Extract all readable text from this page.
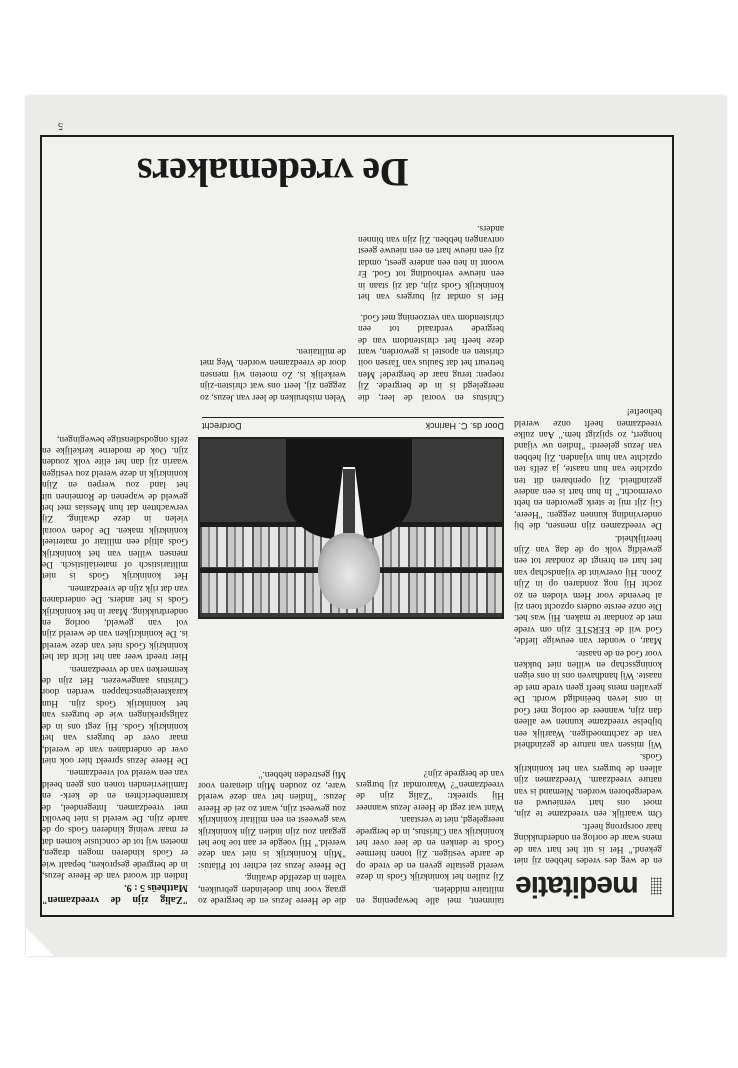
5
meditatie

en de weg des vredes hebben zij niet gekend." Het is uit het hart van de mens waar de oorlog en onderdrukking haar oorsprong heeft.

Om waarlijk een vreedzame te zijn, moet ons hart vernieuwd en wedergeboren worden. Niemand is van nature vreedzaam. Vreedzamen zijn alleen de burgers van het koninkrijk Gods.

Wij missen van nature de gezindheid van de zachtmoedigen. Waarlijk een bijbelse vreedzame kunnen we alleen dan zijn, wanneer de oorlog met God in ons leven beëindigd wordt. De gevallen mens heeft geen vrede met de naaste. Wij handhaven ons in ons eigen koningsschap en willen niet bukken voor God en de naaste.

Maar, o wonder van eeuwige liefde, God wil de EERSTE zijn om vrede met de zondaar te maken. Hij was het. Die onze eerste ouders opzocht toen zij al bevende voor Hem vloden en zo zocht Hij nog zondaren op in Zijn Zoon. Hij overwint de vijandschap van het hart en brengt de zondaar tot een geweldig volk op de dag van Zijn heerlijkheid.

De vreedzamen zijn mensen, die bij ondervinding kunnen zeggen: "Heere, Gij zijt mij te sterk geworden en hebt overmocht." In hun hart is een andere gezindheid. Zij openbaren dit ten opzichte van hun naaste, ja zelfs ten opzichte van hun vijanden. Zij hebben van Jezus geleerd: "Indien uw vijand hongert, zo spijzigt hem." Aan zulke vreedzamen heeft onze wereld behoefte!

tainment, mei alle bewapening en militaire middelen.

Zij zullen het koninkrijk Gods in deze wereld gestalte geven en de vrede op de aarde vestigen. Zij tonen hiermee Gods te denken en de leer over het koninkrijk van Christus, in de bergrede neergelegd, niet te verstaan.

Want wat zegt de Heere Jezus wanneer Hij spreekt: "Zalig zijn de vreedzamen"? Waaromdat zij burgers van de bergrede zijn?

die de Heere Jezus en de bergrede zo graag voor hun doeleinden gebruiken, vallen in dezelfde dwaling.

De Heere Jezus zei echter tot Pilatus: "Mijn Koninkrijk is niet van deze wereld." Hij voegde er aan toe hoe het gegaan zou zijn indien Zijn koninkrijk was geweest en een militair koninkrijk zou geweest zijn, want zo zei de Heere Jezus: "Indien het van deze wereld ware, zo zouden Mijn dienaren voor Mij gestreden hebben."

Door ds. C. Harinck
Dordrecht

Christus en vooral de leer, die neergelegd is in de bergrede. Zij roepen: terug naar de bergrede! Men betreurt het dat Saulus van Tarsen ooit christen en apostel is geworden, want deze heeft het christendom van de bergrede verdraaid tot een christendom van verzoening met God.

Het is omdat zij burgers van het koninkrijk Gods zijn, dat zij staan in een nieuwe verhouding tot God. Er woont in hen een andere geest, omdat zij een nieuw hart en een nieuwe geest ontvangen hebben. Zij zijn van binnen anders.

Velen misbruiken de leer van Jezus, zo zeggen zij, leert ons wat christen-zijn werkelijk is. Zo moeten wij mensen door de vreedzamen worden. Weg met de militairen.

"Zalig zijn de vreedzamen" Mattheüs 5 : 9.

Indien dit woord van de Heere Jezus, in de bergrede gesproken, bepaalt wie er Gods kinderen mogen dragen, moeten wij tot de conclusie komen dat er maar weinig kinderen Gods op de aarde zijn. De wereld is niet bevolkt met vreedzamen. Integendeel, de krantenberichten en de kerk- en familievrienden tonen ons geen beeld van een wereld vol vreedzamen.

De Heere Jezus spreekt hier ook niet over de onderdanen van de wereld, maar over de burgers van het koninkrijk Gods. Hij zegt ons in de zaligsprekingen wie de burgers van het koninkrijk Gods zijn. Hun karaktereigenschappen werden door Christus aangewezen. Het zijn de kenmerken van de vreedzamen.

Hier treedt weer aan het licht dat het koninkrijk Gods niet van deze wereld is. De koninkrijken van de wereld zijn vol van geweld, oorlog en onderdrukking. Maar in het koninkrijk Gods is het anders. De onderdanen van dat rijk zijn de vreedzamen.

Het koninkrijk Gods is niet militaristisch of materialistisch. De mensen willen van het koninkrijk Gods altijd een militair of materieel koninkrijk maken. De Joden vooral vielen in deze dwaling. Zij verwachtten dat hun Messias met het geweld de wapenen de Romeinen uit het land zou werpen en Zijn koninkrijk in deze wereld zou vestigen waarin zij dan het elite volk zouden zijn. Ook de moderne kerkelijke en zelfs ongodsdienstige bewegingen,

De vredemakers
